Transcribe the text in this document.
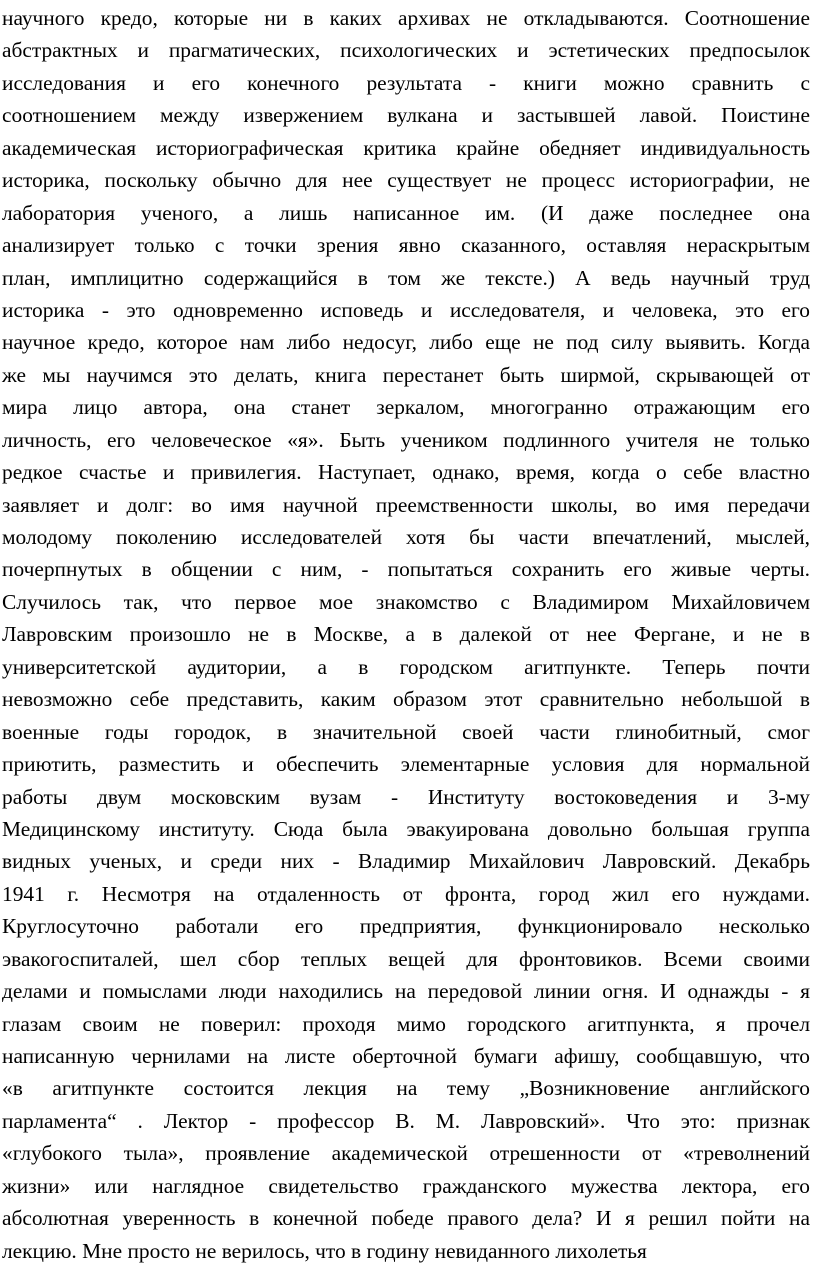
научного кредо, которые ни в каких архивах не откладываются. Соотношение
абстрактных и прагматических, психологических и эстетических предпосылок
исследования и его конечного результата - книги можно сравнить с
соотношением между извержением вулкана и застывшей лавой. Поистине
академическая историографическая критика крайне обедняет индивидуальность
историка, поскольку обычно для нее существует не процесс историографии, не
лаборатория ученого, а лишь написанное им. (И даже последнее она
анализирует только с точки зрения явно сказанного, оставляя нераскрытым
план, имплицитно содержащийся в том же тексте.) А ведь научный труд
историка - это одновременно исповедь и исследователя, и человека, это его
научное кредо, которое нам либо недосуг, либо еще не под силу выявить. Когда
же мы научимся это делать, книга перестанет быть ширмой, скрывающей от
мира лицо автора, она станет зеркалом, многогранно отражающим его
личность, его человеческое «я». Быть учеником подлинного учителя не только
редкое счастье и привилегия. Наступает, однако, время, когда о себе властно
заявляет и долг: во имя научной преемственности школы, во имя передачи
молодому поколению исследователей хотя бы части впечатлений, мыслей,
почерпнутых в общении с ним, - попытаться сохранить его живые черты.
Случилось так, что первое мое знакомство с Владимиром Михайловичем
Лавровским произошло не в Москве, а в далекой от нее Фергане, и не в
университетской аудитории, а в городском агитпункте. Теперь почти
невозможно себе представить, каким образом этот сравнительно небольшой в
военные годы городок, в значительной своей части глинобитный, смог
приютить, разместить и обеспечить элементарные условия для нормальной
работы двум московским вузам - Институту востоковедения и 3-му
Медицинскому институту. Сюда была эвакуирована довольно большая группа
видных ученых, и среди них - Владимир Михайлович Лавровский. Декабрь
1941 г. Несмотря на отдаленность от фронта, город жил его нуждами.
Круглосуточно работали его предприятия, функционировало несколько
эвакогоспиталей, шел сбор теплых вещей для фронтовиков. Всеми своими
делами и помыслами люди находились на передовой линии огня. И однажды - я
глазам своим не поверил: проходя мимо городского агитпункта, я прочел
написанную чернилами на листе оберточной бумаги афишу, сообщавшую, что
«в агитпункте состоится лекция на тему „Возникновение английского
парламента“ . Лектор - профессор В. М. Лавровский». Что это: признак
«глубокого тыла», проявление академической отрешенности от «треволнений
жизни» или наглядное свидетельство гражданского мужества лектора, его
абсолютная уверенность в конечной победе правого дела? И я решил пойти на
лекцию. Мне просто не верилось, что в годину невиданного лихолетья
